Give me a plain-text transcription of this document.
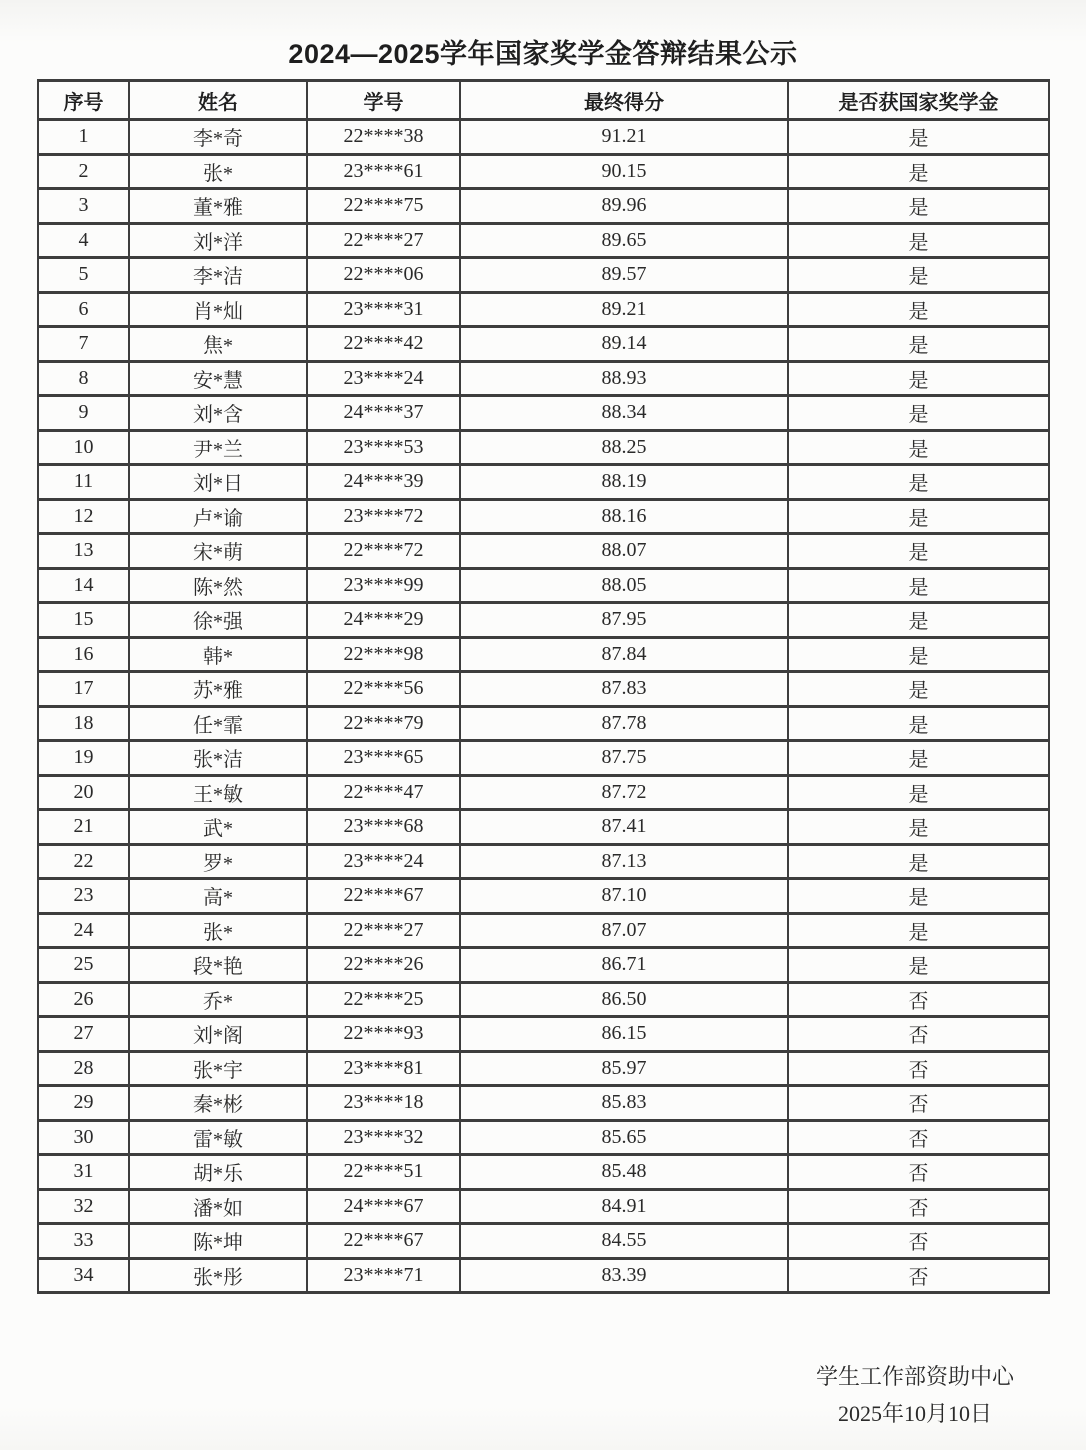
2024—2025学年国家奖学金答辩结果公示
序号	姓名	学号	最终得分	是否获国家奖学金
1	李*奇	22****38	91.21	是
2	张*	23****61	90.15	是
3	董*雅	22****75	89.96	是
4	刘*洋	22****27	89.65	是
5	李*洁	22****06	89.57	是
6	肖*灿	23****31	89.21	是
7	焦*	22****42	89.14	是
8	安*慧	23****24	88.93	是
9	刘*含	24****37	88.34	是
10	尹*兰	23****53	88.25	是
11	刘*日	24****39	88.19	是
12	卢*谕	23****72	88.16	是
13	宋*萌	22****72	88.07	是
14	陈*然	23****99	88.05	是
15	徐*强	24****29	87.95	是
16	韩*	22****98	87.84	是
17	苏*雅	22****56	87.83	是
18	任*霏	22****79	87.78	是
19	张*洁	23****65	87.75	是
20	王*敏	22****47	87.72	是
21	武*	23****68	87.41	是
22	罗*	23****24	87.13	是
23	高*	22****67	87.10	是
24	张*	22****27	87.07	是
25	段*艳	22****26	86.71	是
26	乔*	22****25	86.50	否
27	刘*阁	22****93	86.15	否
28	张*宇	23****81	85.97	否
29	秦*彬	23****18	85.83	否
30	雷*敏	23****32	85.65	否
31	胡*乐	22****51	85.48	否
32	潘*如	24****67	84.91	否
33	陈*坤	22****67	84.55	否
34	张*彤	23****71	83.39	否
学生工作部资助中心
2025年10月10日
